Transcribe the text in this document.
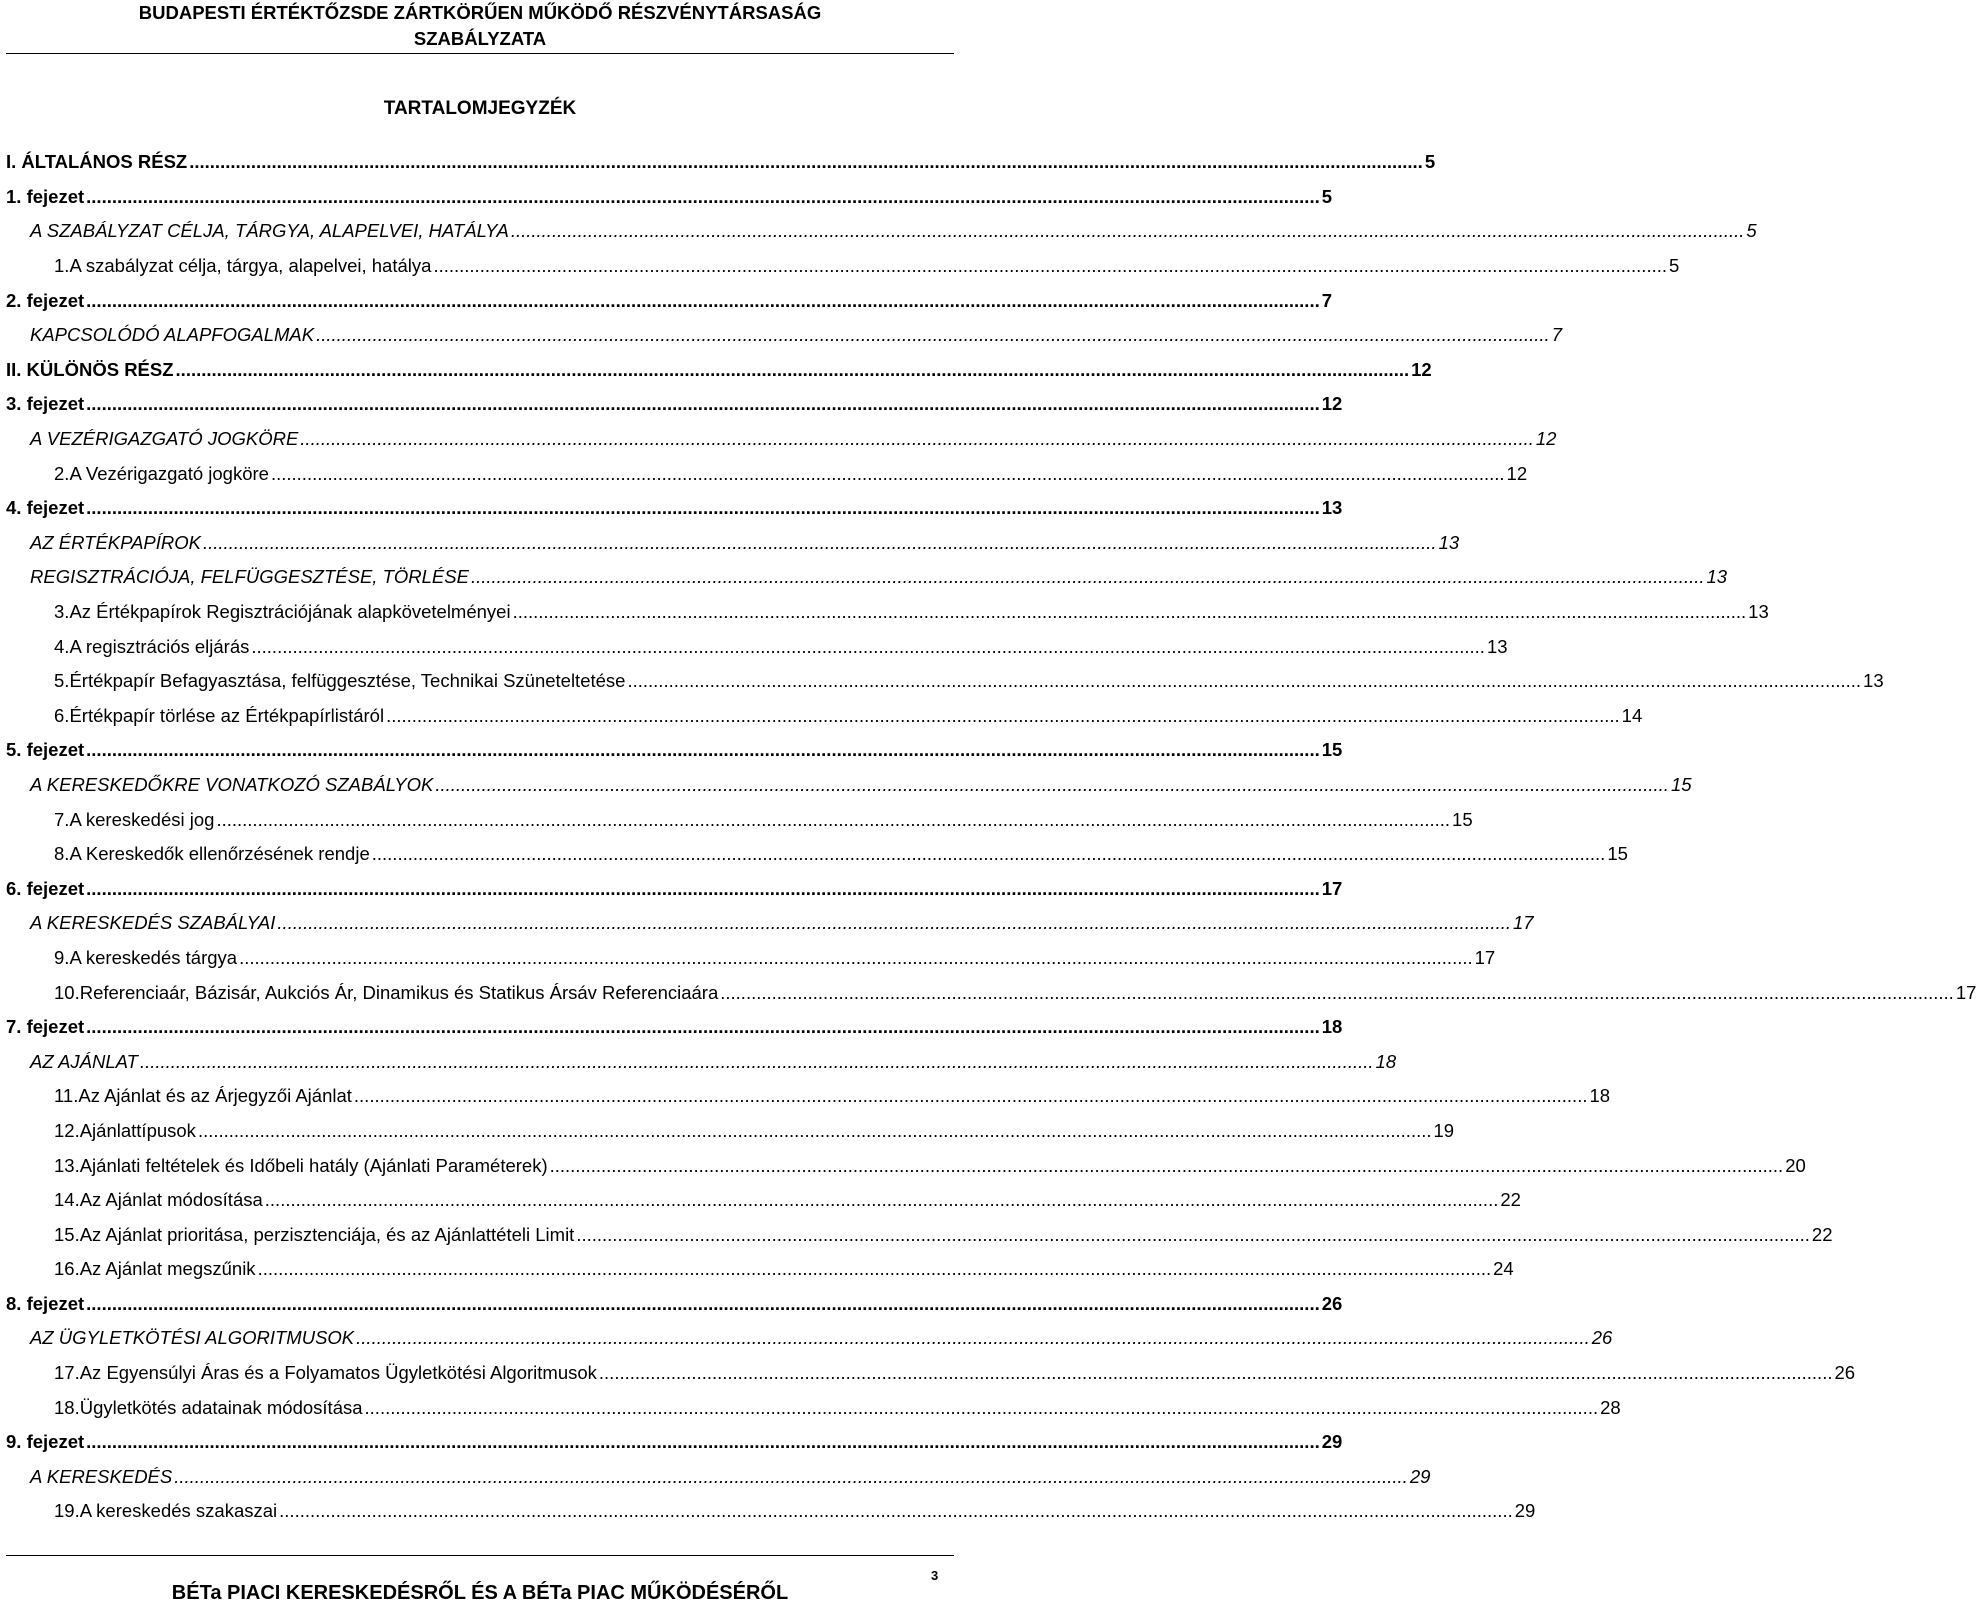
BUDAPESTI ÉRTÉKTŐZSDE ZÁRTKÖRŰEN MŰKÖDŐ RÉSZVÉNYTÁRSASÁG
SZABÁLYZATA
TARTALOMJEGYZÉK
I. ÁLTALÁNOS RÉSZ .....	5
1. fejezet .....	5
A SZABÁLYZAT CÉLJA, TÁRGYA, ALAPELVEI, HATÁLYA .....	5
1. A szabályzat célja, tárgya, alapelvei, hatálya .....	5
2. fejezet .....	7
KAPCSOLÓDÓ ALAPFOGALMAK .....	7
II. KÜLÖNÖS RÉSZ .....	12
3. fejezet .....	12
A VEZÉRIGAZGATÓ JOGKÖRE .....	12
2. A Vezérigazgató jogköre .....	12
4. fejezet .....	13
AZ ÉRTÉKPAPÍROK .....	13
REGISZTRÁCIÓJA, FELFÜGGESZTÉSE, TÖRLÉSE .....	13
3. Az Értékpapírok Regisztrációjának alapkövetelményei .....	13
4. A regisztrációs eljárás .....	13
5. Értékpapír Befagyasztása, felfüggesztése, Technikai Szüneteltetése .....	13
6. Értékpapír törlése az Értékpapírlistáról .....	14
5. fejezet .....	15
A KERESKEDŐKRE VONATKOZÓ SZABÁLYOK .....	15
7. A kereskedési jog .....	15
8. A Kereskedők ellenőrzésének rendje .....	15
6. fejezet .....	17
A KERESKEDÉS SZABÁLYAI .....	17
9. A kereskedés tárgya .....	17
10. Referenciaár, Bázisár, Aukciós Ár, Dinamikus és Statikus Ársáv Referenciaára .....	17
7. fejezet .....	18
AZ AJÁNLAT .....	18
11. Az Ajánlat és az Árjegyzői Ajánlat .....	18
12. Ajánlattípusok .....	19
13. Ajánlati feltételek és Időbeli hatály (Ajánlati Paraméterek) .....	20
14. Az Ajánlat módosítása .....	22
15. Az Ajánlat prioritása, perzisztenciája, és az Ajánlattételi Limit .....	22
16. Az Ajánlat megszűnik .....	24
8. fejezet .....	26
AZ ÜGYLETKÖTÉSI ALGORITMUSOK .....	26
17. Az Egyensúlyi Áras és a Folyamatos Ügyletkötési Algoritmusok .....	26
18. Ügyletkötés adatainak módosítása .....	28
9. fejezet .....	29
A KERESKEDÉS .....	29
19. A kereskedés szakaszai .....	29
BÉTa PIACI KERESKEDÉSRŐL ÉS A BÉTa PIAC MŰKÖDÉSÉRŐL
3
